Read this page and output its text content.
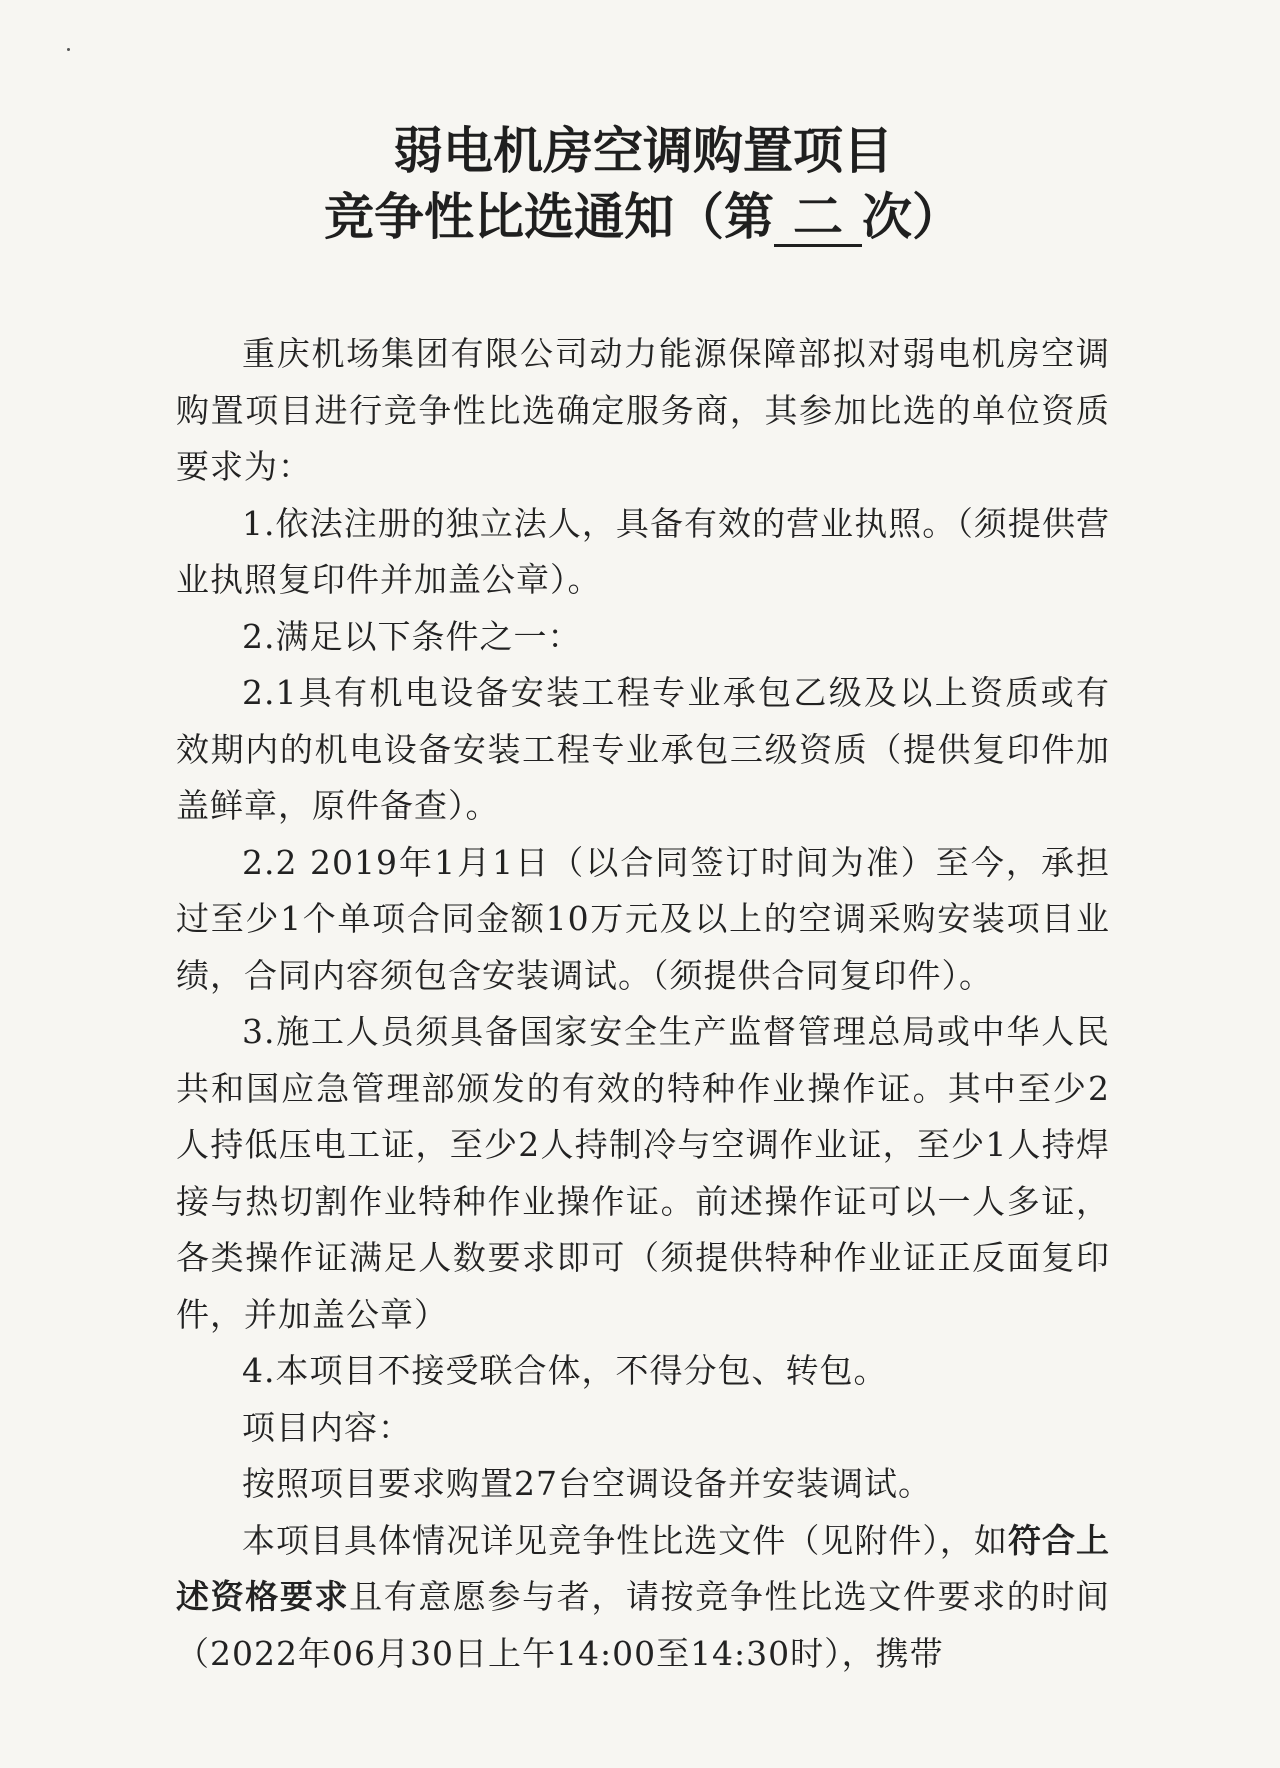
弱电机房空调购置项目
竞争性比选通知（第 二 次）

重庆机场集团有限公司动力能源保障部拟对弱电机房空调购置项目进行竞争性比选确定服务商，其参加比选的单位资质要求为：

1.依法注册的独立法人，具备有效的营业执照。（须提供营业执照复印件并加盖公章）。

2.满足以下条件之一：

2.1具有机电设备安装工程专业承包乙级及以上资质或有效期内的机电设备安装工程专业承包三级资质（提供复印件加盖鲜章，原件备查）。

2.2 2019年1月1日（以合同签订时间为准）至今，承担过至少1个单项合同金额10万元及以上的空调采购安装项目业绩，合同内容须包含安装调试。（须提供合同复印件）。

3.施工人员须具备国家安全生产监督管理总局或中华人民共和国应急管理部颁发的有效的特种作业操作证。其中至少2人持低压电工证，至少2人持制冷与空调作业证，至少1人持焊接与热切割作业特种作业操作证。前述操作证可以一人多证，各类操作证满足人数要求即可（须提供特种作业证正反面复印件，并加盖公章）

4.本项目不接受联合体，不得分包、转包。

项目内容：

按照项目要求购置27台空调设备并安装调试。

本项目具体情况详见竞争性比选文件（见附件），如符合上述资格要求且有意愿参与者，请按竞争性比选文件要求的时间（2022年06月30日上午14:00至14:30时），携带
